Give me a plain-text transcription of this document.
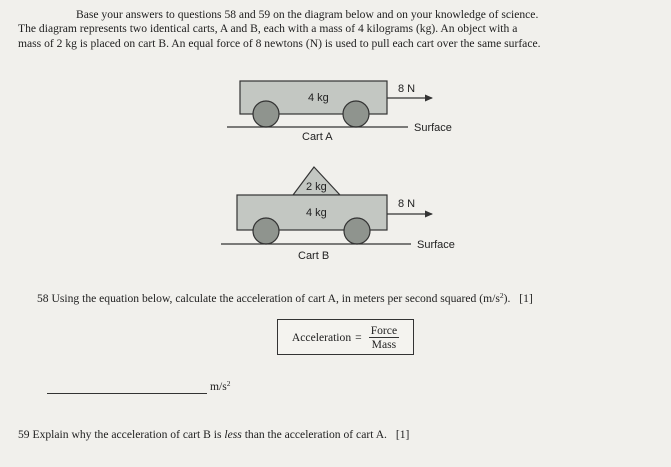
Base your answers to questions 58 and 59 on the diagram below and on your knowledge of science.

The diagram represents two identical carts, A and B, each with a mass of 4 kilograms (kg). An object with a

mass of 2 kg is placed on cart B. An equal force of 8 newtons (N) is used to pull each cart over the same surface.

4 kg
8 N
Surface
Cart A
2 kg
4 kg
8 N
Surface
Cart B
58 Using the equation below, calculate the acceleration of cart A, in meters per second squared $(m/s^2)$. [1]
Acceleration = $\frac{\text{Force}}{\text{Mass}}$
$m/s^2$
59 Explain why the acceleration of cart B is less than the acceleration of cart A. [1]
